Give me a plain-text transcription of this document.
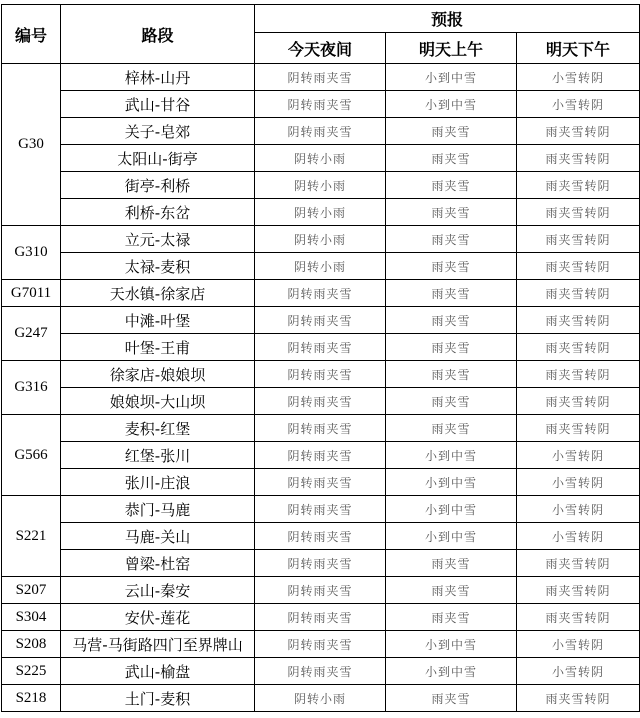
编号	路段	预报		
		今天夜间	明天上午	明天下午
G30	梓林-山丹	阴转雨夹雪	小到中雪	小雪转阴
	武山-甘谷	阴转雨夹雪	小到中雪	小雪转阴
	关子-皂郊	阴转雨夹雪	雨夹雪	雨夹雪转阴
	太阳山-街亭	阴转小雨	雨夹雪	雨夹雪转阴
	街亭-利桥	阴转小雨	雨夹雪	雨夹雪转阴
	利桥-东岔	阴转小雨	雨夹雪	雨夹雪转阴
G310	立元-太禄	阴转小雨	雨夹雪	雨夹雪转阴
	太禄-麦积	阴转小雨	雨夹雪	雨夹雪转阴
G7011	天水镇-徐家店	阴转雨夹雪	雨夹雪	雨夹雪转阴
G247	中滩-叶堡	阴转雨夹雪	雨夹雪	雨夹雪转阴
	叶堡-王甫	阴转雨夹雪	雨夹雪	雨夹雪转阴
G316	徐家店-娘娘坝	阴转雨夹雪	雨夹雪	雨夹雪转阴
	娘娘坝-大山坝	阴转雨夹雪	雨夹雪	雨夹雪转阴
G566	麦积-红堡	阴转雨夹雪	雨夹雪	雨夹雪转阴
	红堡-张川	阴转雨夹雪	小到中雪	小雪转阴
	张川-庄浪	阴转雨夹雪	小到中雪	小雪转阴
S221	恭门-马鹿	阴转雨夹雪	小到中雪	小雪转阴
	马鹿-关山	阴转雨夹雪	小到中雪	小雪转阴
	曾梁-杜窑	阴转雨夹雪	雨夹雪	雨夹雪转阴
S207	云山-秦安	阴转雨夹雪	雨夹雪	雨夹雪转阴
S304	安伏-莲花	阴转雨夹雪	雨夹雪	雨夹雪转阴
S208	马营-马街路四门至界牌山	阴转雨夹雪	小到中雪	小雪转阴
S225	武山-榆盘	阴转雨夹雪	小到中雪	小雪转阴
S218	土门-麦积	阴转小雨	雨夹雪	雨夹雪转阴
